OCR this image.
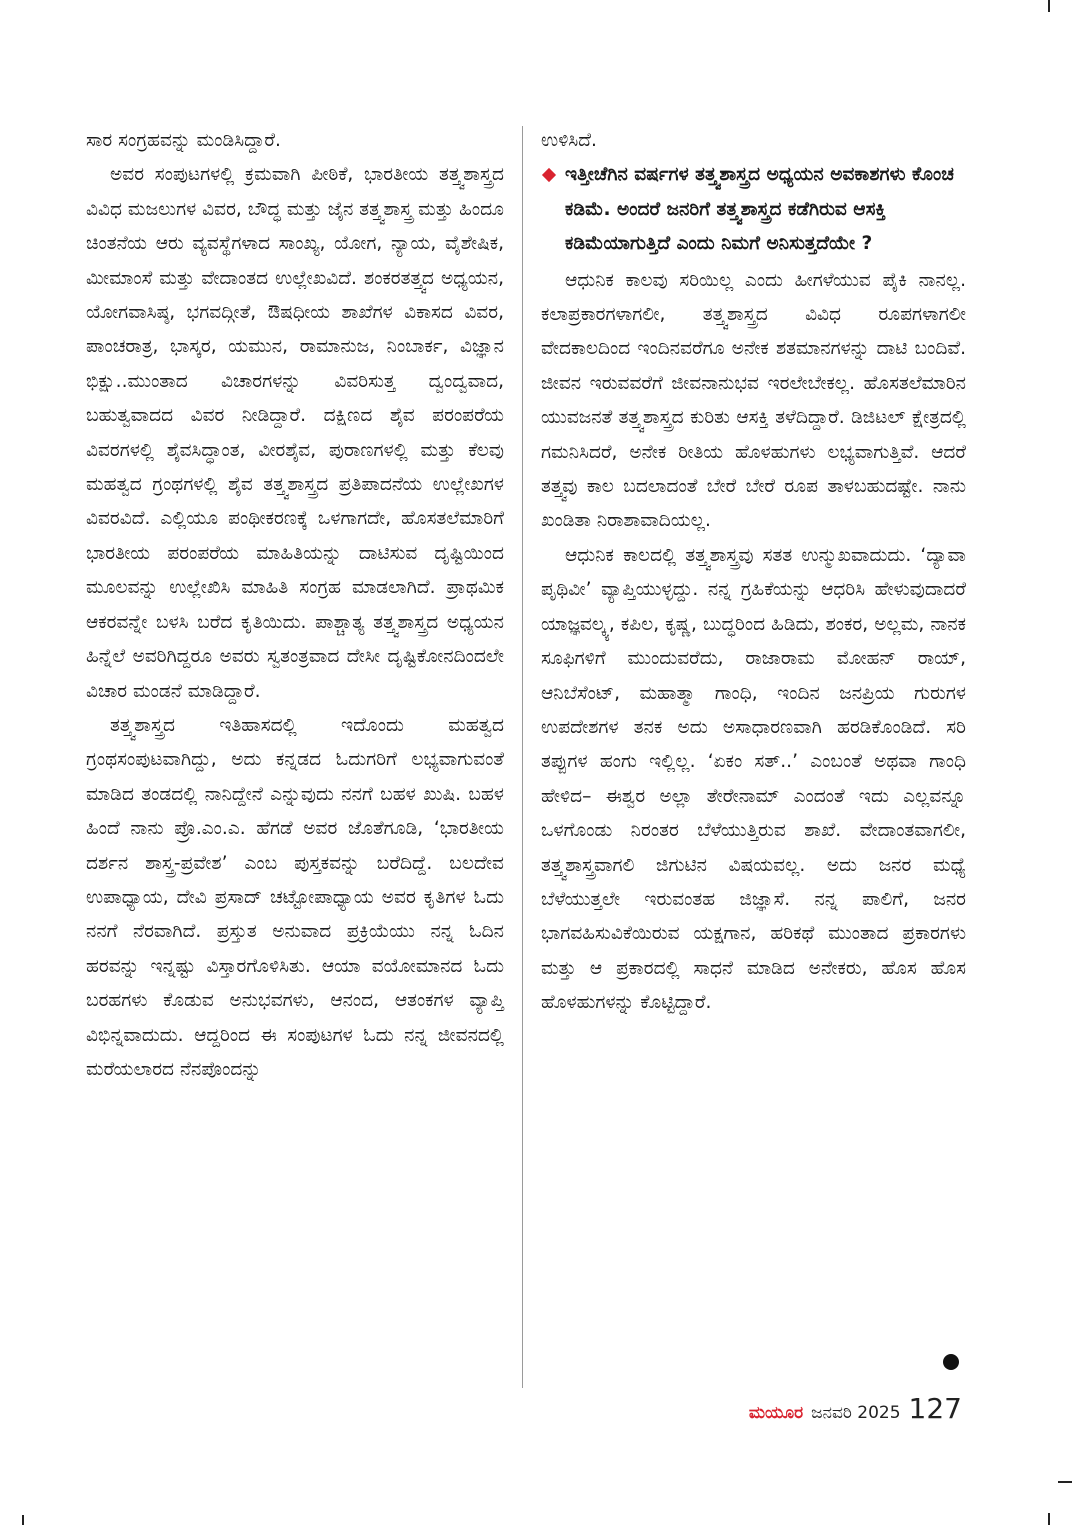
ಸಾರ ಸಂಗ್ರಹವನ್ನು ಮಂಡಿಸಿದ್ದಾರೆ.

ಅವರ ಸಂಪುಟಗಳಲ್ಲಿ ಕ್ರಮವಾಗಿ ಪೀಠಿಕೆ, ಭಾರತೀಯ ತತ್ತ್ವಶಾಸ್ತ್ರದ ವಿವಿಧ ಮಜಲುಗಳ ವಿವರ, ಬೌದ್ಧ ಮತ್ತು ಜೈನ ತತ್ತ್ವಶಾಸ್ತ್ರ ಮತ್ತು ಹಿಂದೂ ಚಿಂತನೆಯ ಆರು ವ್ಯವಸ್ಥೆಗಳಾದ ಸಾಂಖ್ಯ, ಯೋಗ, ನ್ಯಾಯ, ವೈಶೇಷಿಕ, ಮೀಮಾಂಸೆ ಮತ್ತು ವೇದಾಂತದ ಉಲ್ಲೇಖವಿದೆ. ಶಂಕರತತ್ತ್ವದ ಅಧ್ಯಯನ, ಯೋಗವಾಸಿಷ್ಠ, ಭಗವದ್ಗೀತೆ, ಔಷಧೀಯ ಶಾಖೆಗಳ ವಿಕಾಸದ ವಿವರ, ಪಾಂಚರಾತ್ರ, ಭಾಸ್ಕರ, ಯಮುನ, ರಾಮಾನುಜ, ನಿಂಬಾರ್ಕ, ವಿಜ್ಞಾನ ಭಿಕ್ಷು..ಮುಂತಾದ ವಿಚಾರಗಳನ್ನು ವಿವರಿಸುತ್ತ ದ್ವಂದ್ವವಾದ, ಬಹುತ್ವವಾದದ ವಿವರ ನೀಡಿದ್ದಾರೆ. ದಕ್ಷಿಣದ ಶೈವ ಪರಂಪರೆಯ ವಿವರಗಳಲ್ಲಿ ಶೈವಸಿದ್ಧಾಂತ, ವೀರಶೈವ, ಪುರಾಣಗಳಲ್ಲಿ ಮತ್ತು ಕೆಲವು ಮಹತ್ವದ ಗ್ರಂಥಗಳಲ್ಲಿ ಶೈವ ತತ್ತ್ವಶಾಸ್ತ್ರದ ಪ್ರತಿಪಾದನೆಯ ಉಲ್ಲೇಖಗಳ ವಿವರವಿದೆ. ಎಲ್ಲಿಯೂ ಪಂಥೀಕರಣಕ್ಕೆ ಒಳಗಾಗದೇ, ಹೊಸತಲೆಮಾರಿಗೆ ಭಾರತೀಯ ಪರಂಪರೆಯ ಮಾಹಿತಿಯನ್ನು ದಾಟಿಸುವ ದೃಷ್ಟಿಯಿಂದ ಮೂಲವನ್ನು ಉಲ್ಲೇಖಿಸಿ ಮಾಹಿತಿ ಸಂಗ್ರಹ ಮಾಡಲಾಗಿದೆ. ಪ್ರಾಥಮಿಕ ಆಕರವನ್ನೇ ಬಳಸಿ ಬರೆದ ಕೃತಿಯಿದು. ಪಾಶ್ಚಾತ್ಯ ತತ್ತ್ವಶಾಸ್ತ್ರದ ಅಧ್ಯಯನ ಹಿನ್ನೆಲೆ ಅವರಿಗಿದ್ದರೂ ಅವರು ಸ್ವತಂತ್ರವಾದ ದೇಸೀ ದೃಷ್ಟಿಕೋನದಿಂದಲೇ ವಿಚಾರ ಮಂಡನೆ ಮಾಡಿದ್ದಾರೆ.

ತತ್ತ್ವಶಾಸ್ತ್ರದ ಇತಿಹಾಸದಲ್ಲಿ ಇದೊಂದು ಮಹತ್ವದ ಗ್ರಂಥಸಂಪುಟವಾಗಿದ್ದು, ಅದು ಕನ್ನಡದ ಓದುಗರಿಗೆ ಲಭ್ಯವಾಗುವಂತೆ ಮಾಡಿದ ತಂಡದಲ್ಲಿ ನಾನಿದ್ದೇನೆ ಎನ್ನುವುದು ನನಗೆ ಬಹಳ ಖುಷಿ. ಬಹಳ ಹಿಂದೆ ನಾನು ಪ್ರೊ.ಎಂ.ಎ. ಹೆಗಡೆ ಅವರ ಜೊತೆಗೂಡಿ, ‘ಭಾರತೀಯ ದರ್ಶನ ಶಾಸ್ತ್ರ-ಪ್ರವೇಶ’ ಎಂಬ ಪುಸ್ತಕವನ್ನು ಬರೆದಿದ್ದೆ. ಬಲದೇವ ಉಪಾಧ್ಯಾಯ, ದೇವಿ ಪ್ರಸಾದ್ ಚಟ್ಟೋಪಾಧ್ಯಾಯ ಅವರ ಕೃತಿಗಳ ಓದು ನನಗೆ ನೆರವಾಗಿದೆ. ಪ್ರಸ್ತುತ ಅನುವಾದ ಪ್ರಕ್ರಿಯೆಯು ನನ್ನ ಓದಿನ ಹರವನ್ನು ಇನ್ನಷ್ಟು ವಿಸ್ತಾರಗೊಳಿಸಿತು. ಆಯಾ ವಯೋಮಾನದ ಓದು ಬರಹಗಳು ಕೊಡುವ ಅನುಭವಗಳು, ಆನಂದ, ಆತಂಕಗಳ ವ್ಯಾಪ್ತಿ ವಿಭಿನ್ನವಾದುದು. ಆದ್ದರಿಂದ ಈ ಸಂಪುಟಗಳ ಓದು ನನ್ನ ಜೀವನದಲ್ಲಿ ಮರೆಯಲಾರದ ನೆನಪೊಂದನ್ನು

ಉಳಿಸಿದೆ.

ಇತ್ತೀಚೆಗಿನ ವರ್ಷಗಳ ತತ್ತ್ವಶಾಸ್ತ್ರದ ಅಧ್ಯಯನ ಅವಕಾಶಗಳು ಕೊಂಚ ಕಡಿಮೆ. ಅಂದರೆ ಜನರಿಗೆ ತತ್ತ್ವಶಾಸ್ತ್ರದ ಕಡೆಗಿರುವ ಆಸಕ್ತಿ ಕಡಿಮೆಯಾಗುತ್ತಿದೆ ಎಂದು ನಿಮಗೆ ಅನಿಸುತ್ತದೆಯೇ ?

ಆಧುನಿಕ ಕಾಲವು ಸರಿಯಿಲ್ಲ ಎಂದು ಹೀಗಳೆಯುವ ಪೈಕಿ ನಾನಲ್ಲ. ಕಲಾಪ್ರಕಾರಗಳಾಗಲೀ, ತತ್ತ್ವಶಾಸ್ತ್ರದ ವಿವಿಧ ರೂಪಗಳಾಗಲೀ ವೇದಕಾಲದಿಂದ ಇಂದಿನವರೆಗೂ ಅನೇಕ ಶತಮಾನಗಳನ್ನು ದಾಟಿ ಬಂದಿವೆ. ಜೀವನ ಇರುವವರೆಗೆ ಜೀವನಾನುಭವ ಇರಲೇಬೇಕಲ್ಲ. ಹೊಸತಲೆಮಾರಿನ ಯುವಜನತೆ ತತ್ತ್ವಶಾಸ್ತ್ರದ ಕುರಿತು ಆಸಕ್ತಿ ತಳೆದಿದ್ದಾರೆ. ಡಿಜಿಟಲ್ ಕ್ಷೇತ್ರದಲ್ಲಿ ಗಮನಿಸಿದರೆ, ಅನೇಕ ರೀತಿಯ ಹೊಳಹುಗಳು ಲಭ್ಯವಾಗುತ್ತಿವೆ. ಆದರೆ ತತ್ತ್ವವು ಕಾಲ ಬದಲಾದಂತೆ ಬೇರೆ ಬೇರೆ ರೂಪ ತಾಳಬಹುದಷ್ಟೇ. ನಾನು ಖಂಡಿತಾ ನಿರಾಶಾವಾದಿಯಲ್ಲ.

ಆಧುನಿಕ ಕಾಲದಲ್ಲಿ ತತ್ತ್ವಶಾಸ್ತ್ರವು ಸತತ ಉನ್ಮುಖವಾದುದು. ‘ದ್ಯಾವಾ ಪೃಥಿವೀ’ ವ್ಯಾಪ್ತಿಯುಳ್ಳದ್ದು. ನನ್ನ ಗ್ರಹಿಕೆಯನ್ನು ಆಧರಿಸಿ ಹೇಳುವುದಾದರೆ ಯಾಜ್ಞವಲ್ಕ್ಯ, ಕಪಿಲ, ಕೃಷ್ಣ, ಬುದ್ಧರಿಂದ ಹಿಡಿದು, ಶಂಕರ, ಅಲ್ಲಮ, ನಾನಕ ಸೂಫಿಗಳಿಗೆ ಮುಂದುವರೆದು, ರಾಜಾರಾಮ ಮೋಹನ್ ರಾಯ್, ಆನಿಬೆಸೆಂಟ್, ಮಹಾತ್ಮಾ ಗಾಂಧಿ, ಇಂದಿನ ಜನಪ್ರಿಯ ಗುರುಗಳ ಉಪದೇಶಗಳ ತನಕ ಅದು ಅಸಾಧಾರಣವಾಗಿ ಹರಡಿಕೊಂಡಿದೆ. ಸರಿ ತಪ್ಪುಗಳ ಹಂಗು ಇಲ್ಲಿಲ್ಲ. ‘ಏಕಂ ಸತ್..’ ಎಂಬಂತೆ ಅಥವಾ ಗಾಂಧಿ ಹೇಳಿದ– ಈಶ್ವರ ಅಲ್ಲಾ ತೇರೇನಾಮ್ ಎಂದಂತೆ ಇದು ಎಲ್ಲವನ್ನೂ ಒಳಗೊಂಡು ನಿರಂತರ ಬೆಳೆಯುತ್ತಿರುವ ಶಾಖೆ. ವೇದಾಂತವಾಗಲೀ, ತತ್ತ್ವಶಾಸ್ತ್ರವಾಗಲಿ ಜಿಗುಟಿನ ವಿಷಯವಲ್ಲ. ಅದು ಜನರ ಮಧ್ಯೆ ಬೆಳೆಯುತ್ತಲೇ ಇರುವಂತಹ ಜಿಜ್ಞಾಸೆ. ನನ್ನ ಪಾಲಿಗೆ, ಜನರ ಭಾಗವಹಿಸುವಿಕೆಯಿರುವ ಯಕ್ಷಗಾನ, ಹರಿಕಥೆ ಮುಂತಾದ ಪ್ರಕಾರಗಳು ಮತ್ತು ಆ ಪ್ರಕಾರದಲ್ಲಿ ಸಾಧನೆ ಮಾಡಿದ ಅನೇಕರು, ಹೊಸ ಹೊಸ ಹೊಳಹುಗಳನ್ನು ಕೊಟ್ಟಿದ್ದಾರೆ.

ಮಯೂರ ಜನವರಿ 2025 127
